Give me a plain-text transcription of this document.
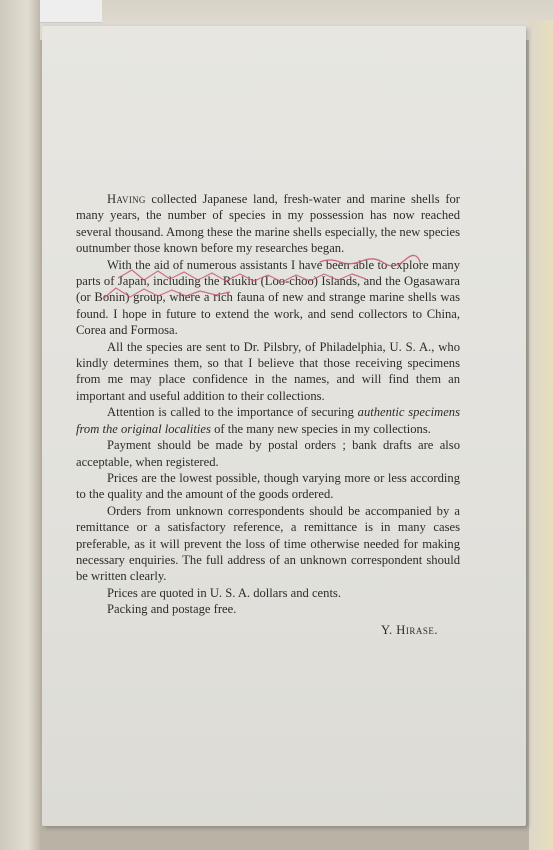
Having collected Japanese land, fresh-water and marine shells for many years, the number of species in my possession has now reached several thousand. Among these the marine shells especially, the new species outnumber those known before my researches began.

With the aid of numerous assistants I have been able to explore many parts of Japan, including the Riukiu (Loo-choo) Islands, and the Ogasawara (or Bonin) group, where a rich fauna of new and strange marine shells was found. I hope in future to extend the work, and send collectors to China, Corea and Formosa.

All the species are sent to Dr. Pilsbry, of Philadelphia, U. S. A., who kindly determines them, so that I believe that those receiving specimens from me may place confidence in the names, and will find them an important and useful addition to their collections.

Attention is called to the importance of securing authentic specimens from the original localities of the many new species in my collections.

Payment should be made by postal orders ; bank drafts are also acceptable, when registered.

Prices are the lowest possible, though varying more or less according to the quality and the amount of the goods ordered.

Orders from unknown correspondents should be accompanied by a remittance or a satisfactory reference, a remittance is in many cases preferable, as it will prevent the loss of time otherwise needed for making necessary enquiries. The full address of an unknown correspondent should be written clearly.

Prices are quoted in U. S. A. dollars and cents.

Packing and postage free.

Y. Hirase.
